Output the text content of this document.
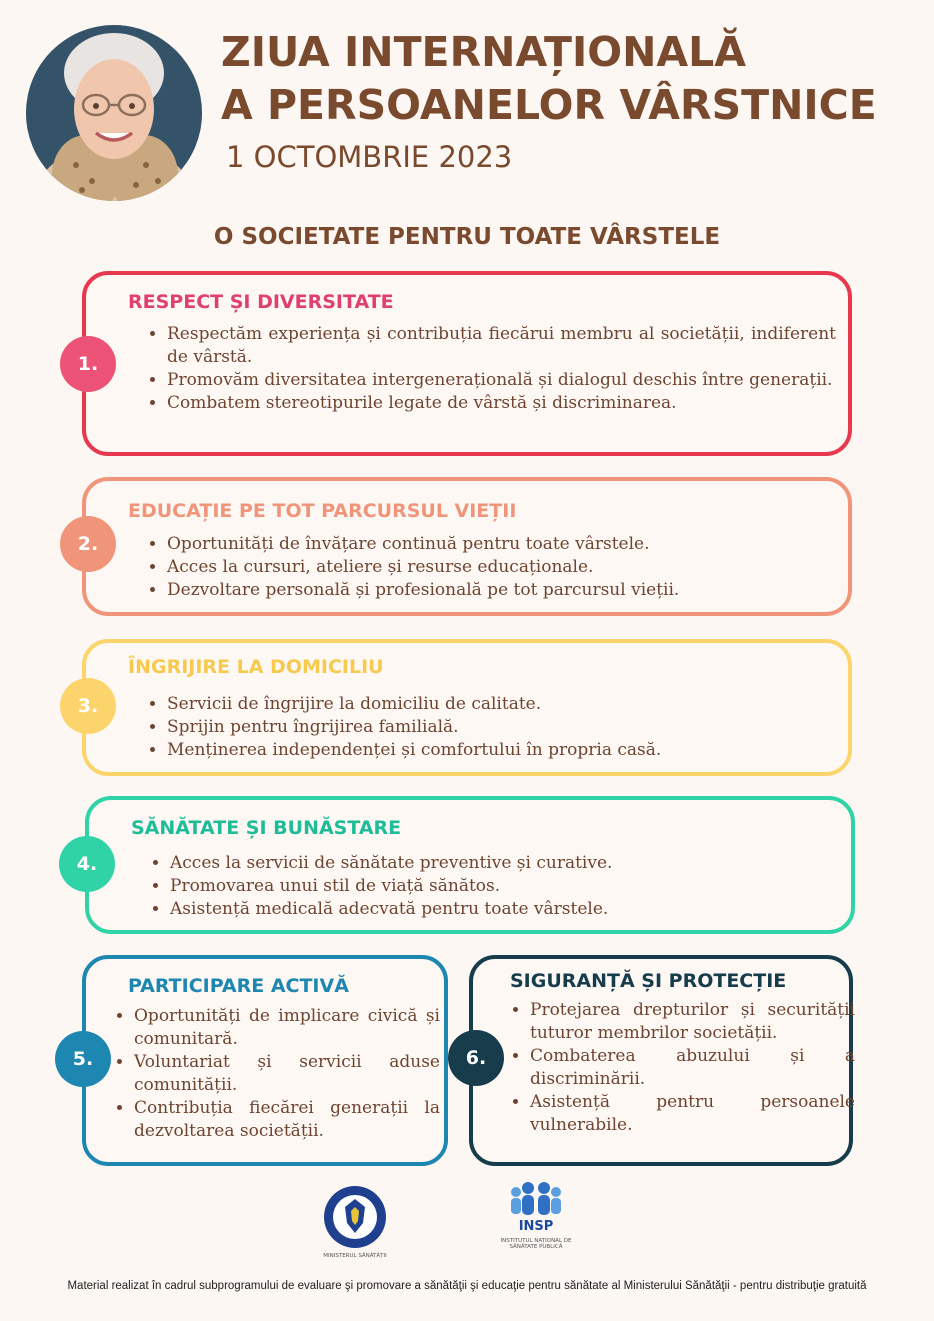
ZIUA INTERNAȚIONALĂ
A PERSOANELOR VÂRSTNICE
1 OCTOMBRIE 2023
O SOCIETATE PENTRU TOATE VÂRSTELE
RESPECT ȘI DIVERSITATE
• Respectăm experiența și contribuția fiecărui membru al societății, indiferent de vârstă.
• Promovăm diversitatea intergenerațională și dialogul deschis între generații.
• Combatem stereotipurile legate de vârstă și discriminarea.
1.
EDUCAȚIE PE TOT PARCURSUL VIEȚII
• Oportunități de învățare continuă pentru toate vârstele.
• Acces la cursuri, ateliere și resurse educaționale.
• Dezvoltare personală și profesională pe tot parcursul vieții.
2.
ÎNGRIJIRE LA DOMICILIU
• Servicii de îngrijire la domiciliu de calitate.
• Sprijin pentru îngrijirea familială.
• Menținerea independenței și comfortului în propria casă.
3.
SĂNĂTATE ȘI BUNĂSTARE
• Acces la servicii de sănătate preventive și curative.
• Promovarea unui stil de viață sănătos.
• Asistență medicală adecvată pentru toate vârstele.
4.
PARTICIPARE ACTIVĂ
• Oportunități de implicare civică și comunitară.
• Voluntariat și servicii aduse comunității.
• Contribuția fiecărei generații la dezvoltarea societății.
5.
SIGURANȚĂ ȘI PROTECȚIE
• Protejarea drepturilor și securității tuturor membrilor societății.
• Combaterea abuzului și a discriminării.
• Asistență pentru persoanele vulnerabile.
6.
MINISTERUL SĂNĂTĂȚII
INSP
INSTITUTUL NAȚIONAL DE SĂNĂTATE PUBLICĂ
Material realizat în cadrul subprogramului de evaluare şi promovare a sănătăţii şi educaţie pentru sănătate al Ministerului Sănătăţii - pentru distribuţie gratuită
